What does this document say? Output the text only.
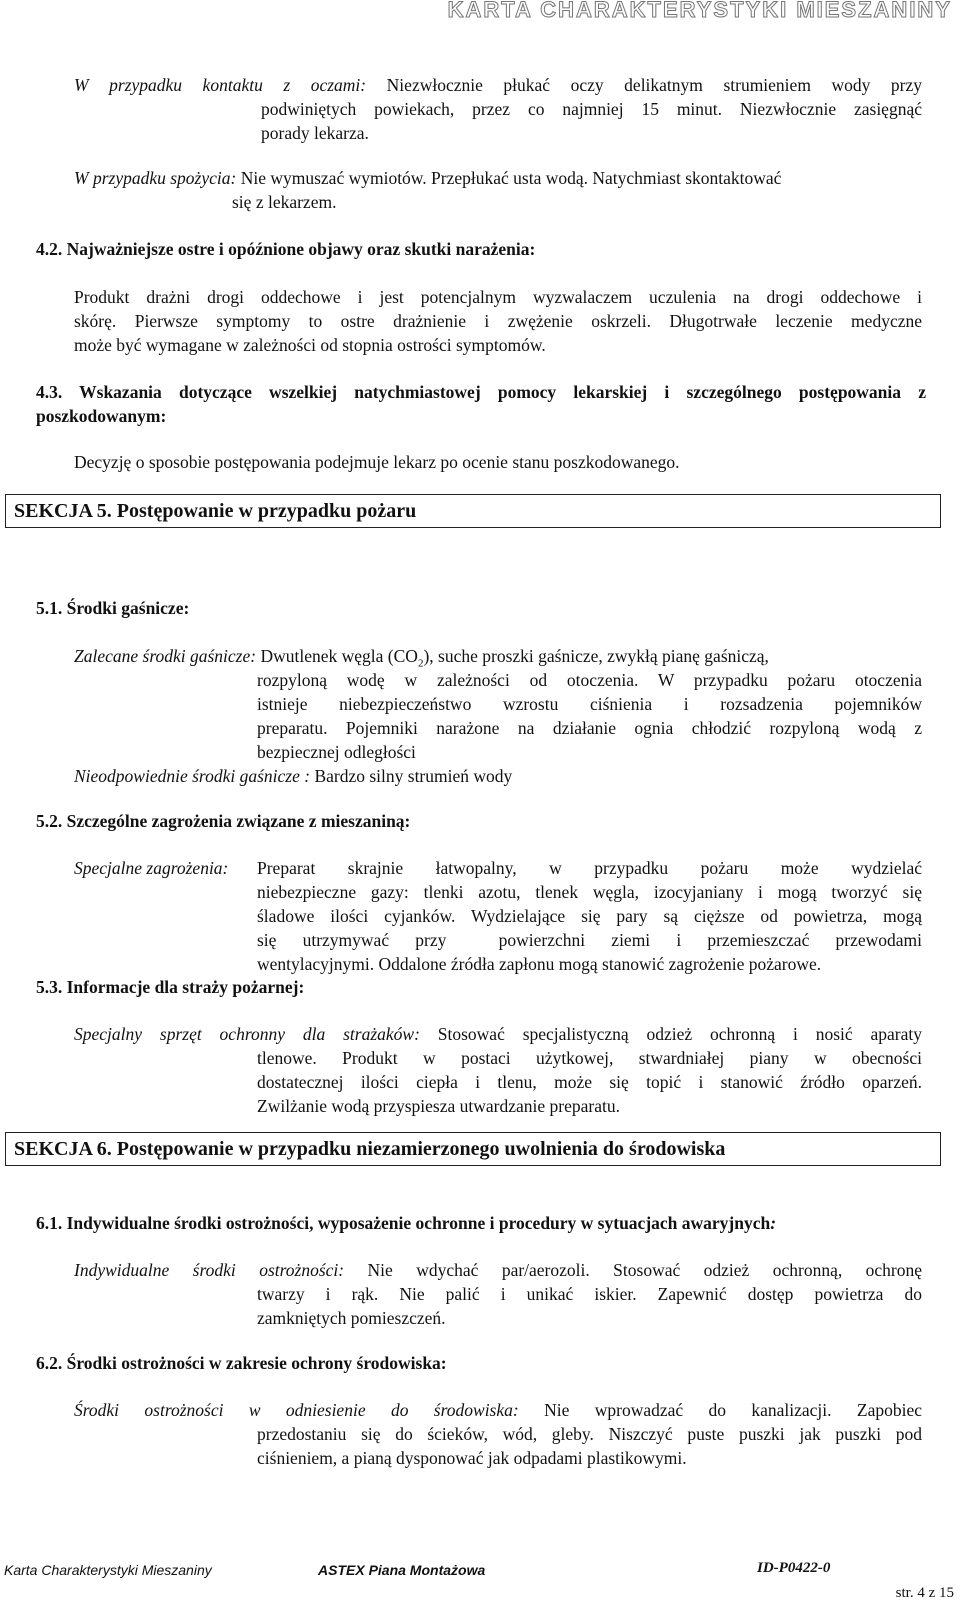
KARTA CHARAKTERYSTYKI MIESZANINY
W przypadku kontaktu z oczami: Niezwłocznie płukać oczy delikatnym strumieniem wody przy
podwiniętych powiekach, przez co najmniej 15 minut. Niezwłocznie zasięgnąć
porady lekarza.
W przypadku spożycia: Nie wymuszać wymiotów. Przepłukać usta wodą. Natychmiast skontaktować
się z lekarzem.
4.2. Najważniejsze ostre i opóźnione objawy oraz skutki narażenia:
Produkt drażni drogi oddechowe i jest potencjalnym wyzwalaczem uczulenia na drogi oddechowe i
skórę. Pierwsze symptomy to ostre drażnienie i zwężenie oskrzeli. Długotrwałe leczenie medyczne
może być wymagane w zależności od stopnia ostrości symptomów.
4.3. Wskazania dotyczące wszelkiej natychmiastowej pomocy lekarskiej i szczególnego postępowania z
poszkodowanym:
Decyzję o sposobie postępowania podejmuje lekarz po ocenie stanu poszkodowanego.
SEKCJA 5. Postępowanie w przypadku pożaru
5.1. Środki gaśnicze:
Zalecane środki gaśnicze: Dwutlenek węgla $(CO_2)$, suche proszki gaśnicze, zwykłą pianę gaśniczą,
rozpyloną wodę w zależności od otoczenia. W przypadku pożaru otoczenia
istnieje niebezpieczeństwo wzrostu ciśnienia i rozsadzenia pojemników
preparatu. Pojemniki narażone na działanie ognia chłodzić rozpyloną wodą z
bezpiecznej odległości
Nieodpowiednie środki gaśnicze : Bardzo silny strumień wody
5.2. Szczególne zagrożenia związane z mieszaniną:
Specjalne zagrożenia: Preparat skrajnie łatwopalny, w przypadku pożaru może wydzielać
niebezpieczne gazy: tlenki azotu, tlenek węgla, izocyjaniany i mogą tworzyć się
śladowe ilości cyjanków. Wydzielające się pary są cięższe od powietrza, mogą
się utrzymywać przy  powierzchni ziemi i przemieszczać przewodami
wentylacyjnymi. Oddalone źródła zapłonu mogą stanowić zagrożenie pożarowe.
5.3. Informacje dla straży pożarnej:
Specjalny sprzęt ochronny dla strażaków: Stosować specjalistyczną odzież ochronną i nosić aparaty
tlenowe. Produkt w postaci użytkowej, stwardniałej piany w obecności
dostatecznej ilości ciepła i tlenu, może się topić i stanowić źródło oparzeń.
Zwilżanie wodą przyspiesza utwardzanie preparatu.
SEKCJA 6. Postępowanie w przypadku niezamierzonego uwolnienia do środowiska
6.1. Indywidualne środki ostrożności, wyposażenie ochronne i procedury w sytuacjach awaryjnych:
Indywidualne środki ostrożności: Nie wdychać par/aerozoli. Stosować odzież ochronną, ochronę
twarzy i rąk. Nie palić i unikać iskier. Zapewnić dostęp powietrza do
zamkniętych pomieszczeń.
6.2. Środki ostrożności w zakresie ochrony środowiska:
Środki ostrożności w odniesienie do środowiska: Nie wprowadzać do kanalizacji. Zapobiec
przedostaniu się do ścieków, wód, gleby. Niszczyć puste puszki jak puszki pod
ciśnieniem, a pianą dysponować jak odpadami plastikowymi.
Karta Charakterystyki Mieszaniny	ASTEX Piana Montażowa	ID-P0422-0
str. 4 z 15
